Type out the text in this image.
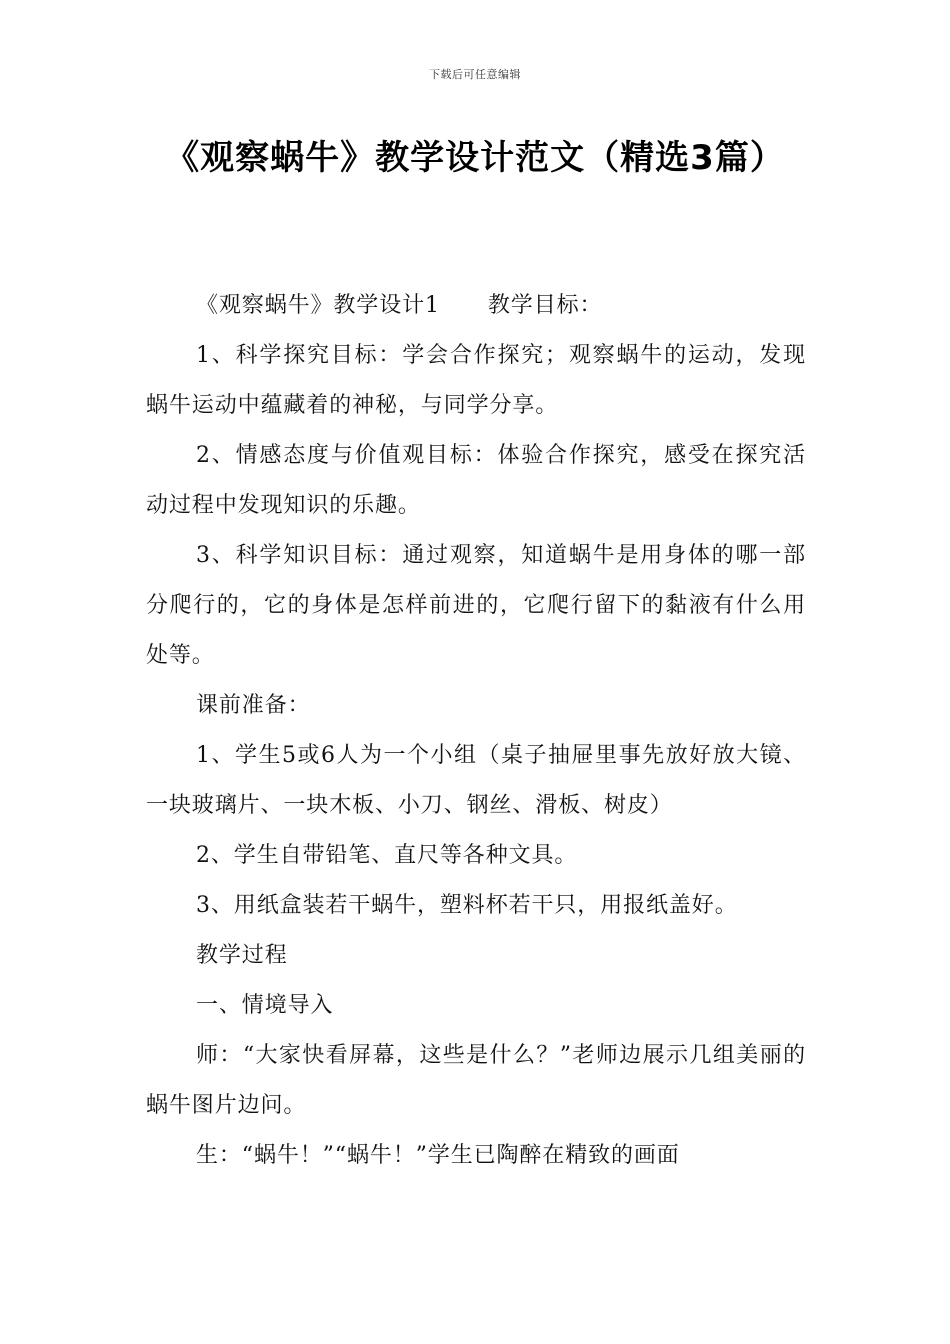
下载后可任意编辑
《观察蜗牛》教学设计范文（精选3篇）

《观察蜗牛》教学设计1 教学目标：

1、科学探究目标：学会合作探究；观察蜗牛的运动，发现蜗牛运动中蕴藏着的神秘，与同学分享。

2、情感态度与价值观目标：体验合作探究，感受在探究活动过程中发现知识的乐趣。

3、科学知识目标：通过观察，知道蜗牛是用身体的哪一部分爬行的，它的身体是怎样前进的，它爬行留下的黏液有什么用处等。

课前准备：

1、学生5或6人为一个小组（桌子抽屉里事先放好放大镜、一块玻璃片、一块木板、小刀、钢丝、滑板、树皮）

2、学生自带铅笔、直尺等各种文具。

3、用纸盒装若干蜗牛，塑料杯若干只，用报纸盖好。

教学过程

一、情境导入

师：“大家快看屏幕，这些是什么？”老师边展示几组美丽的蜗牛图片边问。

生：“蜗牛！”“蜗牛！”学生已陶醉在精致的画面
